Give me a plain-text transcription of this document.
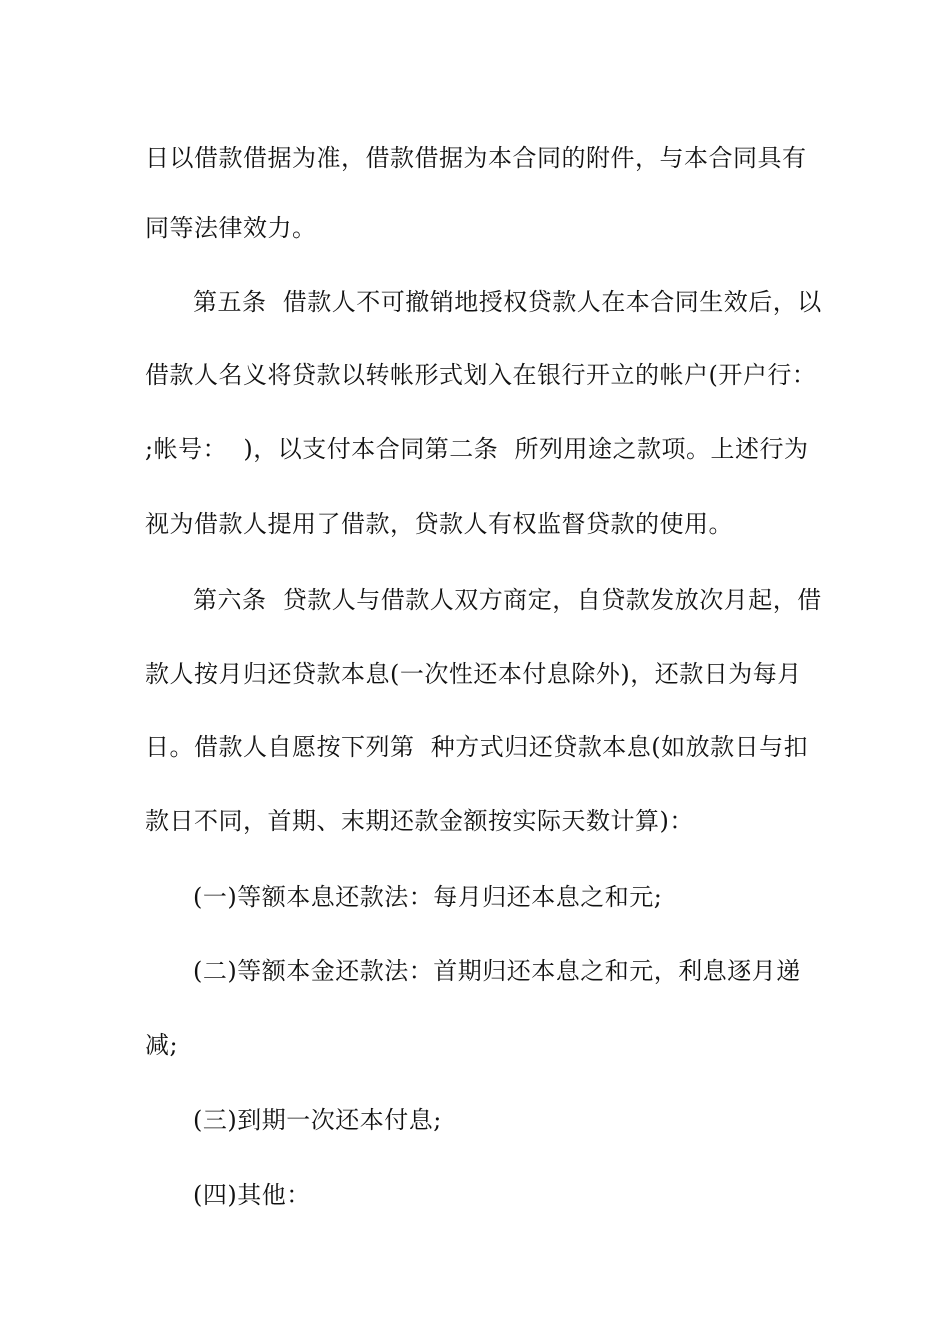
日以借款借据为准，借款借据为本合同的附件，与本合同具有
同等法律效力。
第五条  借款人不可撤销地授权贷款人在本合同生效后，以
借款人名义将贷款以转帐形式划入在银行开立的帐户(开户行：
;帐号：  )，以支付本合同第二条  所列用途之款项。上述行为
视为借款人提用了借款，贷款人有权监督贷款的使用。
第六条  贷款人与借款人双方商定，自贷款发放次月起，借
款人按月归还贷款本息(一次性还本付息除外)，还款日为每月
日。借款人自愿按下列第  种方式归还贷款本息(如放款日与扣
款日不同，首期、末期还款金额按实际天数计算)：
(一)等额本息还款法：每月归还本息之和元;
(二)等额本金还款法：首期归还本息之和元，利息逐月递
减;
(三)到期一次还本付息;
(四)其他：
